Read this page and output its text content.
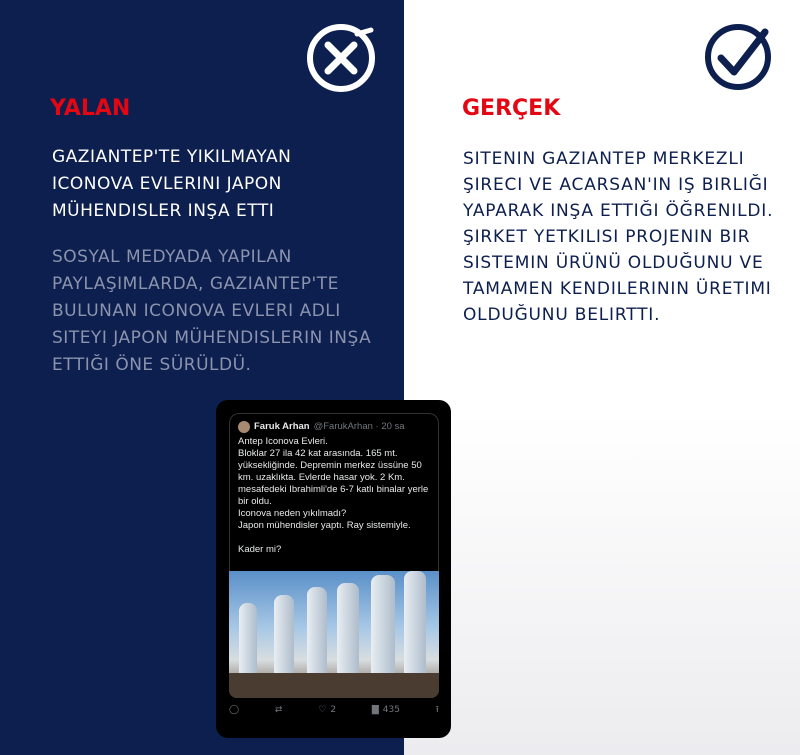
YALAN
GAZIANTEP'TE YIKILMAYAN ICONOVA EVLERINI JAPON MÜHENDISLER INŞA ETTI
SOSYAL MEDYADA YAPILAN PAYLAŞIMLARDA, GAZIANTEP'TE BULUNAN ICONOVA EVLERI ADLI SITEYI JAPON MÜHENDISLERIN INŞA ETTIĞI ÖNE SÜRÜLDÜ.
GERÇEK
SITENIN GAZIANTEP MERKEZLI ŞIRECI VE ACARSAN'IN IŞ BIRLIĞI YAPARAK INŞA ETTIĞI ÖĞRENILDI. ŞIRKET YETKILISI PROJENIN BIR SISTEMIN ÜRÜNÜ OLDUĞUNU VE TAMAMEN KENDILERININ ÜRETIMI OLDUĞUNU BELIRTTI.
Faruk Arhan @FarukArhan · 20 sa
Antep Iconova Evleri.
Bloklar 27 ila 42 kat arasında. 165 mt. yüksekliğinde. Depremin merkez üssüne 50 km. uzaklıkta. Evlerde hasar yok. 2 Km. mesafedeki Ibrahimli'de 6-7 katlı binalar yerle bir oldu.
Iconova neden yıkılmadı?
Japon mühendisler yaptı. Ray sistemiyle.

Kader mi?
◯	⇄	♡ 2	▇ 435	⭱
